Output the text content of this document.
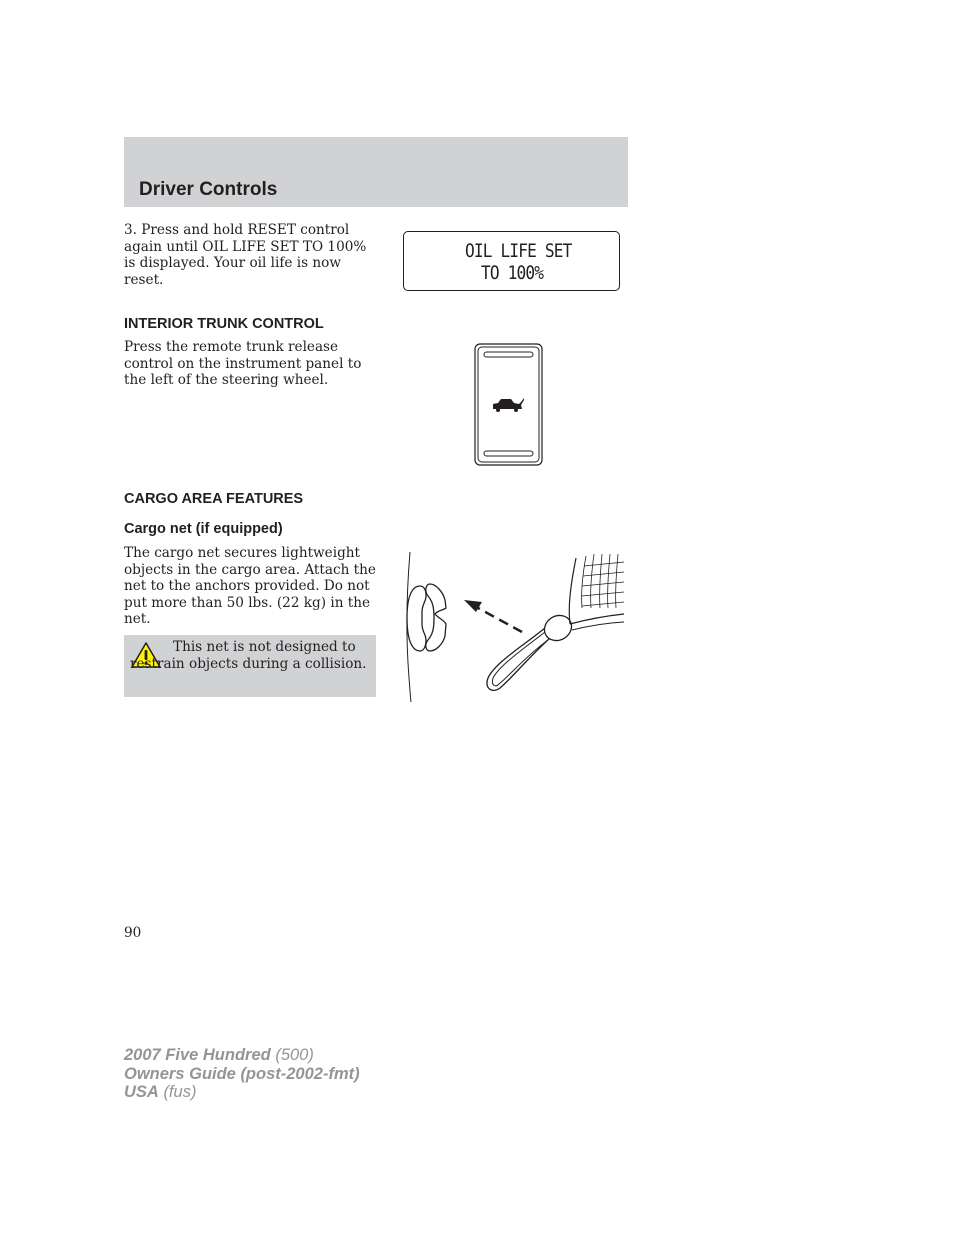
Driver Controls

3. Press and hold RESET control again until OIL LIFE SET TO 100% is displayed. Your oil life is now reset.

OIL LIFE SET
TO 100%
INTERIOR TRUNK CONTROL

Press the remote trunk release control on the instrument panel to the left of the steering wheel.

CARGO AREA FEATURES
Cargo net (if equipped)

The cargo net secures lightweight objects in the cargo area. Attach the net to the anchors provided. Do not put more than 50 lbs. (22 kg) in the net.

This net is not designed to restrain objects during a collision.

90
2007 Five Hundred (500)
Owners Guide (post-2002-fmt)
USA (fus)
